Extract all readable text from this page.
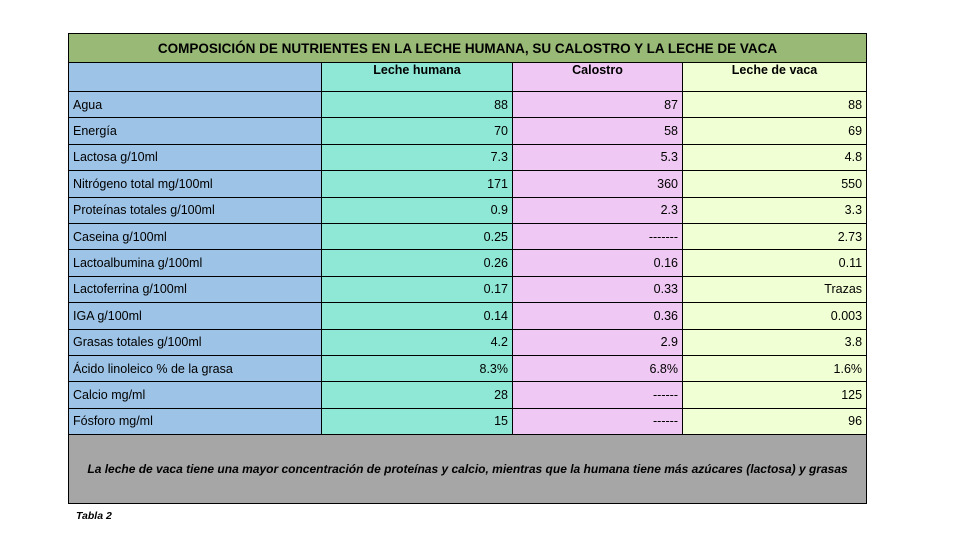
COMPOSICIÓN DE NUTRIENTES EN LA LECHE HUMANA, SU CALOSTRO Y LA LECHE DE VACA			
	Leche humana	Calostro	Leche de vaca
Agua	88	87	88
Energía	70	58	69
Lactosa g/10ml	7.3	5.3	4.8
Nitrógeno total mg/100ml	171	360	550
Proteínas totales g/100ml	0.9	2.3	3.3
Caseina g/100ml	0.25	-------	2.73
Lactoalbumina g/100ml	0.26	0.16	0.11
Lactoferrina g/100ml	0.17	0.33	Trazas
IGA g/100ml	0.14	0.36	0.003
Grasas totales g/100ml	4.2	2.9	3.8
Ácido linoleico % de la grasa	8.3%	6.8%	1.6%
Calcio mg/ml	28	------	125
Fósforo mg/ml	15	------	96
La leche de vaca tiene una mayor concentración de proteínas y calcio, mientras que la humana tiene más azúcares (lactosa) y grasas			
Tabla 2
